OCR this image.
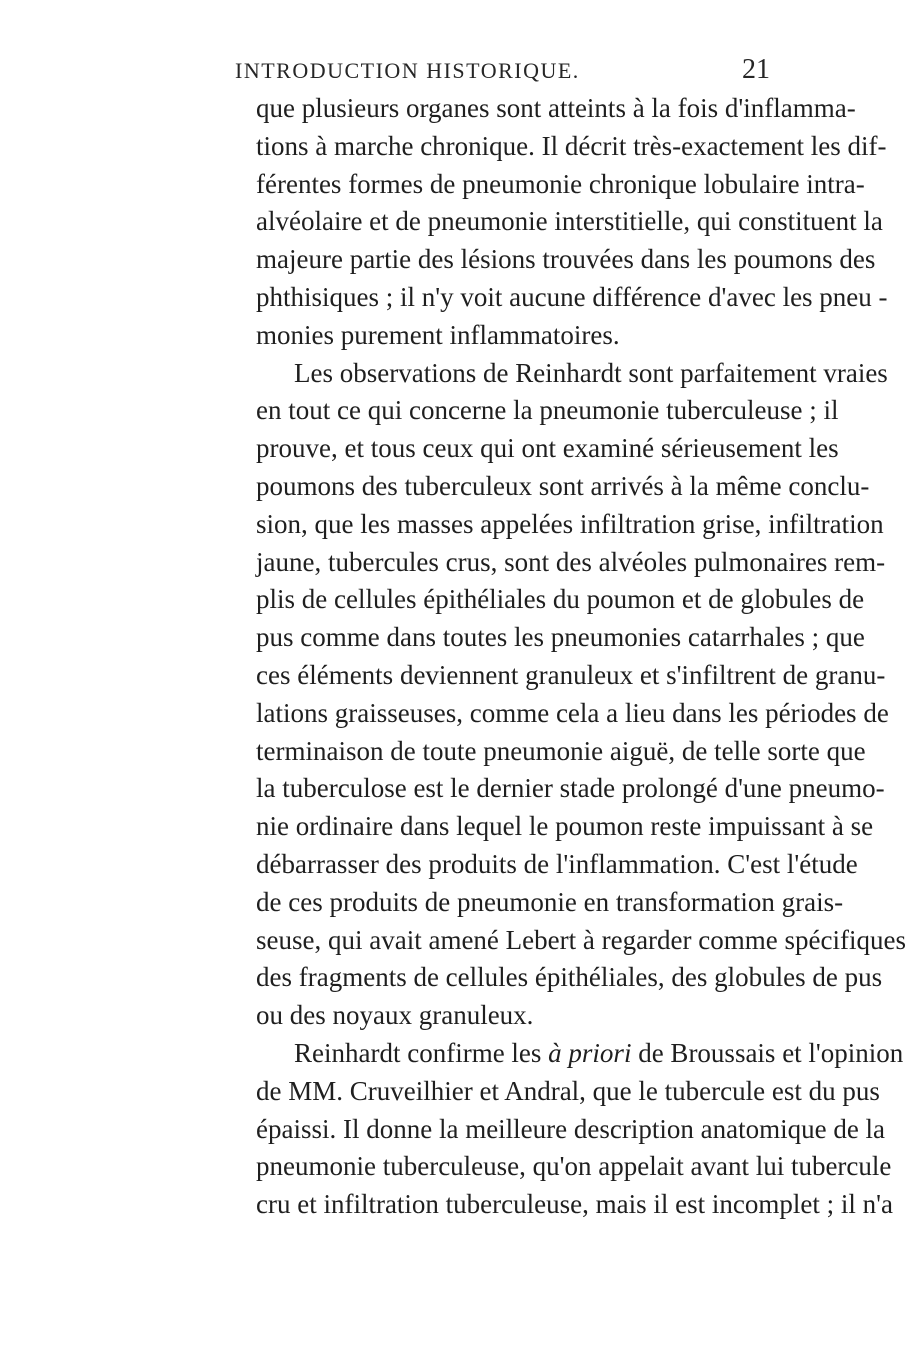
INTRODUCTION HISTORIQUE.	21
que plusieurs organes sont atteints à la fois d'inflamma-
tions à marche chronique. Il décrit très-exactement les dif-
férentes formes de pneumonie chronique lobulaire intra-
alvéolaire et de pneumonie interstitielle, qui constituent la
majeure partie des lésions trouvées dans les poumons des
phthisiques ; il n'y voit aucune différence d'avec les pneu -
monies purement inflammatoires.
Les observations de Reinhardt sont parfaitement vraies
en tout ce qui concerne la pneumonie tuberculeuse ; il
prouve, et tous ceux qui ont examiné sérieusement les
poumons des tuberculeux sont arrivés à la même conclu-
sion, que les masses appelées infiltration grise, infiltration
jaune, tubercules crus, sont des alvéoles pulmonaires rem-
plis de cellules épithéliales du poumon et de globules de
pus comme dans toutes les pneumonies catarrhales ; que
ces éléments deviennent granuleux et s'infiltrent de granu-
lations graisseuses, comme cela a lieu dans les périodes de
terminaison de toute pneumonie aiguë, de telle sorte que
la tuberculose est le dernier stade prolongé d'une pneumo-
nie ordinaire dans lequel le poumon reste impuissant à se
débarrasser des produits de l'inflammation. C'est l'étude
de ces produits de pneumonie en transformation grais-
seuse, qui avait amené Lebert à regarder comme spécifiques
des fragments de cellules épithéliales, des globules de pus
ou des noyaux granuleux.
Reinhardt confirme les à priori de Broussais et l'opinion
de MM. Cruveilhier et Andral, que le tubercule est du pus
épaissi. Il donne la meilleure description anatomique de la
pneumonie tuberculeuse, qu'on appelait avant lui tubercule
cru et infiltration tuberculeuse, mais il est incomplet ; il n'a
